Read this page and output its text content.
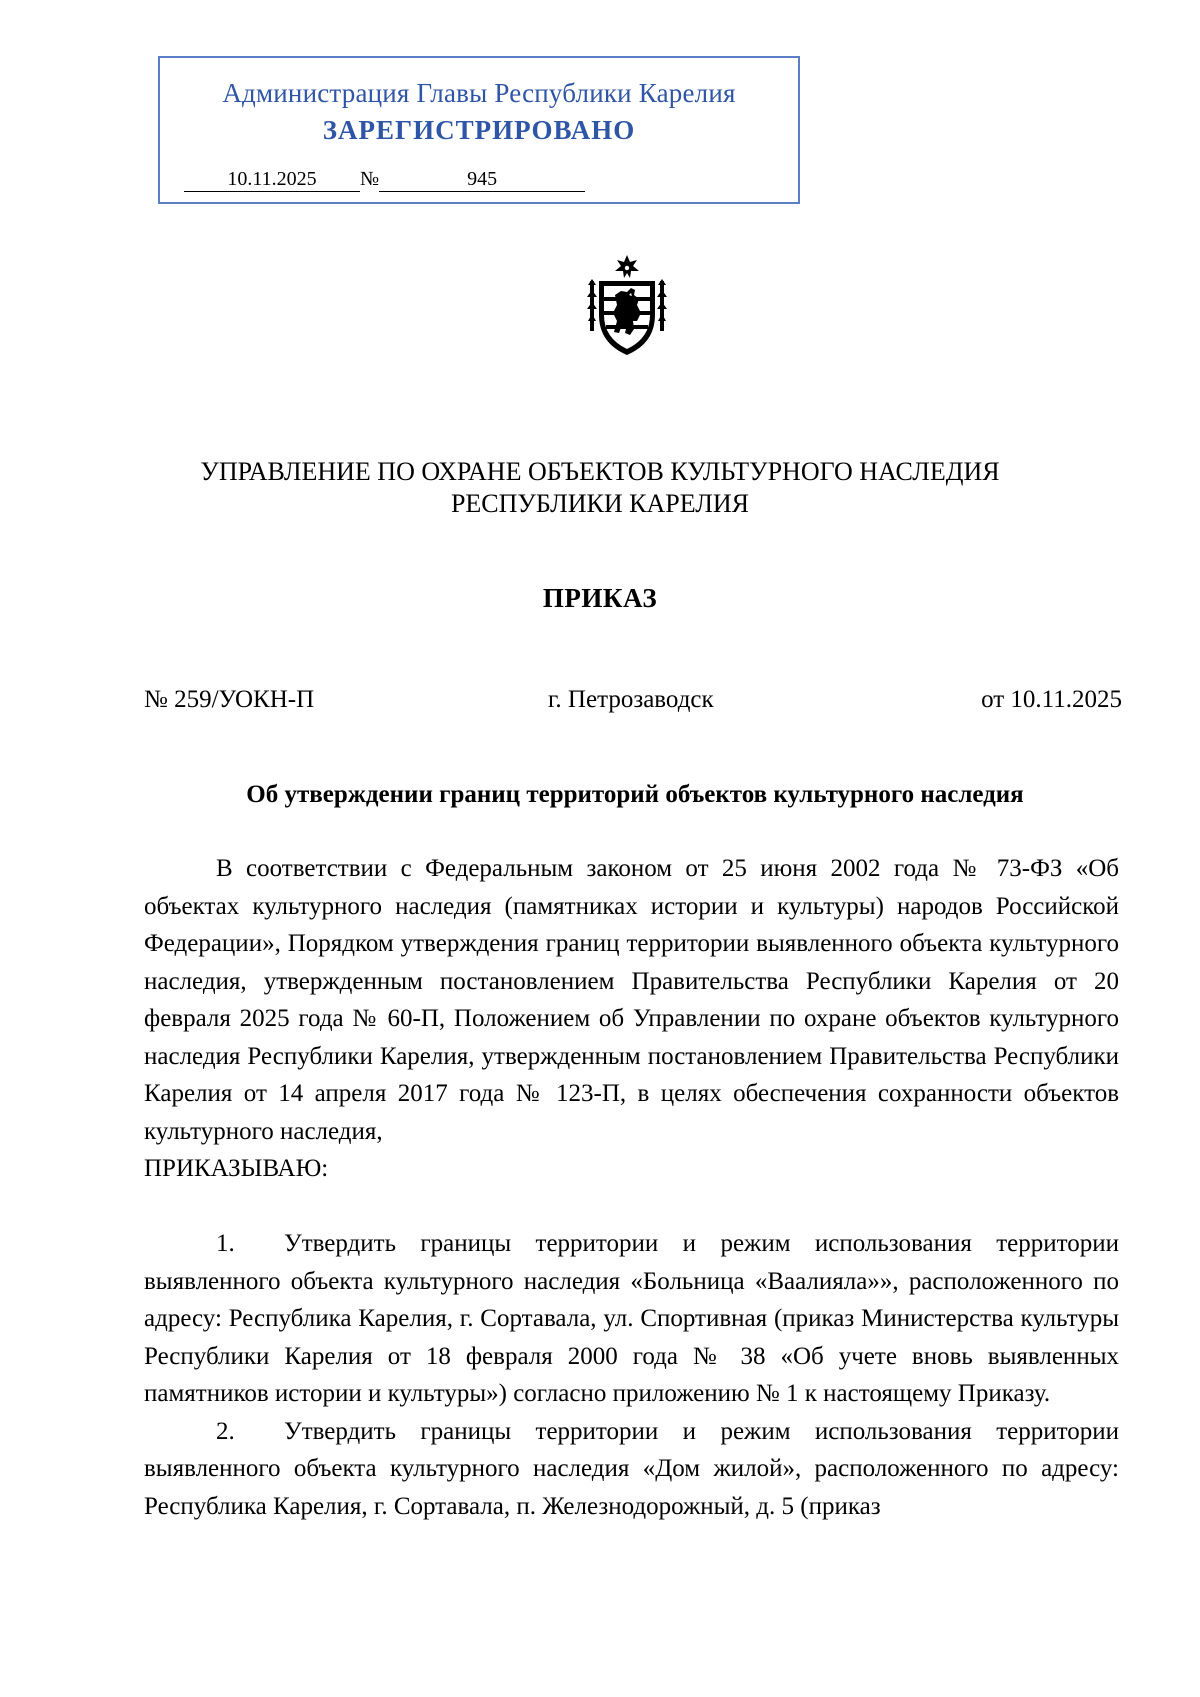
Администрация Главы Республики Карелия
ЗАРЕГИСТРИРОВАНО
10.11.2025 №	945
УПРАВЛЕНИЕ ПО ОХРАНЕ ОБЪЕКТОВ КУЛЬТУРНОГО НАСЛЕДИЯ
РЕСПУБЛИКИ КАРЕЛИЯ
ПРИКАЗ
№ 259/УОКН-П	г. Петрозаводск	от 10.11.2025
Об утверждении границ территорий объектов культурного наследия

В соответствии с Федеральным законом от 25 июня 2002 года № 73-ФЗ «Об объектах культурного наследия (памятниках истории и культуры) народов Российской Федерации», Порядком утверждения границ территории выявленного объекта культурного наследия, утвержденным постановлением Правительства Республики Карелия от 20 февраля 2025 года № 60-П, Положением об Управлении по охране объектов культурного наследия Республики Карелия, утвержденным постановлением Правительства Республики Карелия от 14 апреля 2017 года № 123-П, в целях обеспечения сохранности объектов культурного наследия,

ПРИКАЗЫВАЮ:

1. Утвердить границы территории и режим использования территории выявленного объекта культурного наследия «Больница «Ваалияла»», расположенного по адресу: Республика Карелия, г. Сортавала, ул. Спортивная (приказ Министерства культуры Республики Карелия от 18 февраля 2000 года № 38 «Об учете вновь выявленных памятников истории и культуры») согласно приложению № 1 к настоящему Приказу.

2. Утвердить границы территории и режим использования территории выявленного объекта культурного наследия «Дом жилой», расположенного по адресу: Республика Карелия, г. Сортавала, п. Железнодорожный, д. 5 (приказ
